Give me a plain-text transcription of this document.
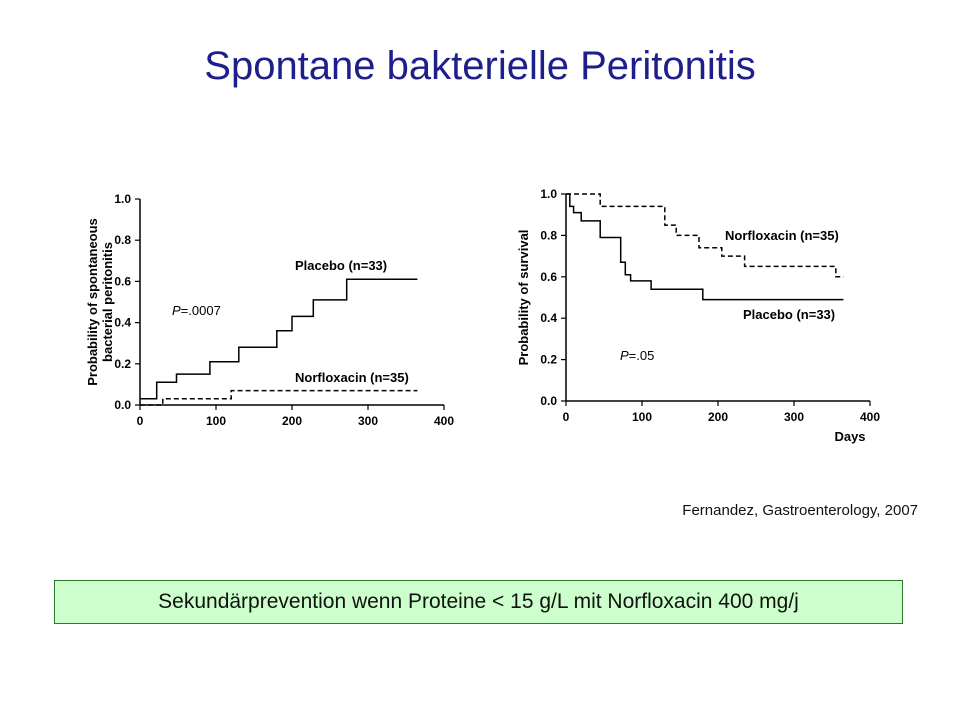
Spontane bakterielle Peritonitis
0	100	200	300	400
0.0
0.2
0.4
0.6
0.8
1.0
Probability of spontaneous bacterial peritonitis	Placebo (n=33)
Norfloxacin (n=35)
P=.0007
0	100	200	300	400
0.0
0.2
0.4
0.6
0.8
1.0
Probability of survival
Days
Norfloxacin (n=35)
Placebo (n=33)
P=.05
Fernandez, Gastroenterology, 2007
Sekundärprevention wenn Proteine < 15 g/L mit Norfloxacin 400 mg/j
